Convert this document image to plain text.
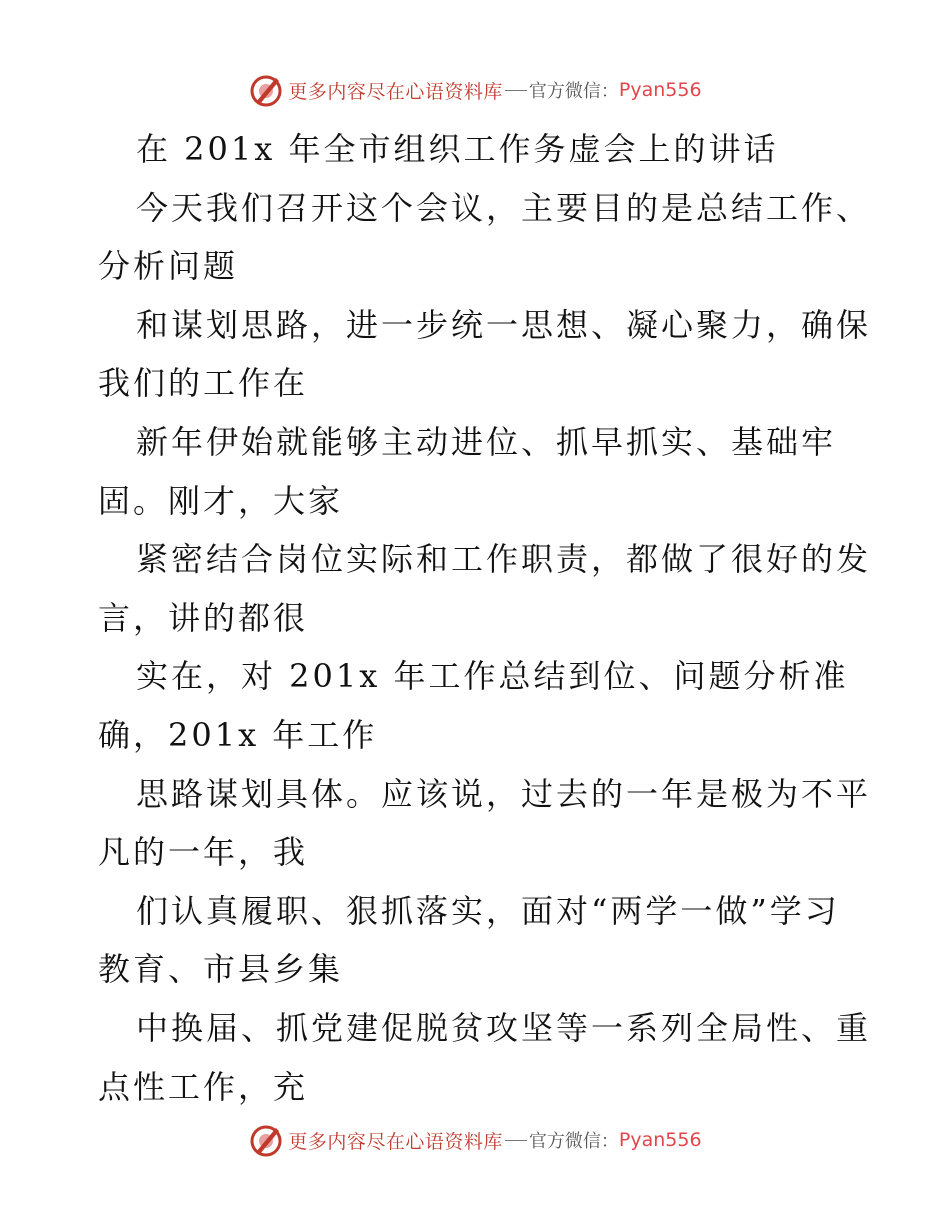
更多内容尽在心语资料库 官方微信： Pyan556
在 201x 年全市组织工作务虚会上的讲话
今天我们召开这个会议，主要目的是总结工作、
分析问题
和谋划思路，进一步统一思想、凝心聚力，确保
我们的工作在
新年伊始就能够主动进位、抓早抓实、基础牢
固。刚才，大家
紧密结合岗位实际和工作职责，都做了很好的发
言，讲的都很
实在，对 201x 年工作总结到位、问题分析准
确，201x 年工作
思路谋划具体。应该说，过去的一年是极为不平
凡的一年，我
们认真履职、狠抓落实，面对“两学一做”学习
教育、市县乡集
中换届、抓党建促脱贫攻坚等一系列全局性、重
点性工作，充
更多内容尽在心语资料库 官方微信： Pyan556
